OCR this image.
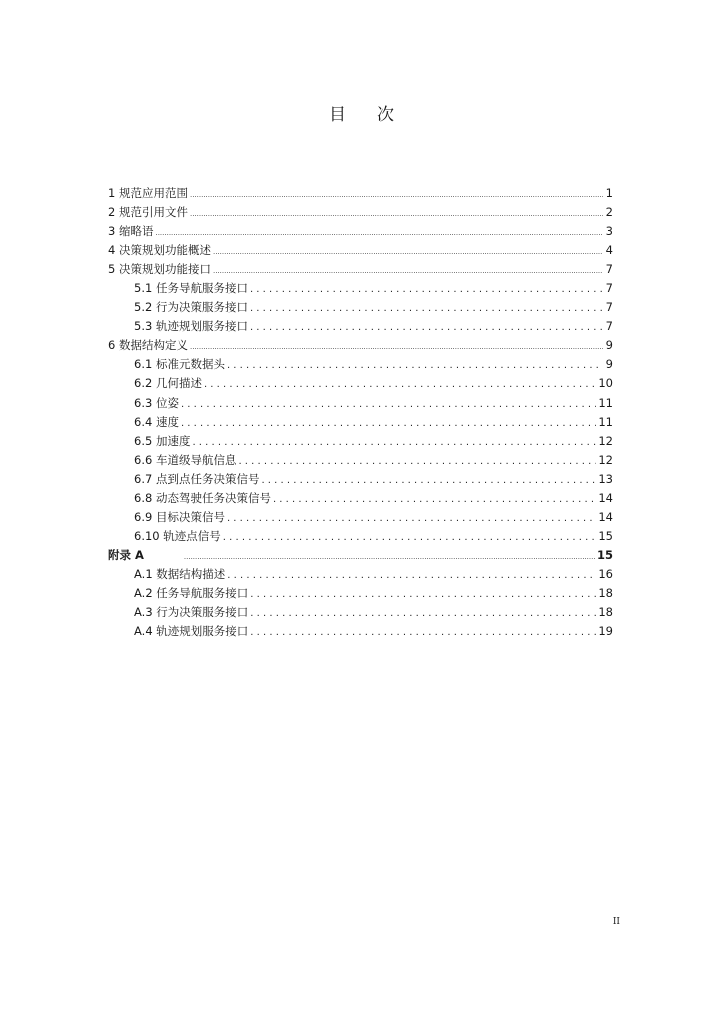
目 次
1 规范应用范围 .....	1
2 规范引用文件 .....	2
3 缩略语 .....	3
4 决策规划功能概述 .....	4
5 决策规划功能接口 .....	7
5.1 任务导航服务接口 . . .	7
5.2 行为决策服务接口 . . .	7
5.3 轨迹规划服务接口 . . .	7
6 数据结构定义 .....	9
6.1 标准元数据头 . . .	9
6.2 几何描述 . . .	10
6.3 位姿 . . .	11
6.4 速度 . . .	11
6.5 加速度 . . .	12
6.6 车道级导航信息 . . .	12
6.7 点到点任务决策信号 . . .	13
6.8 动态驾驶任务决策信号 . . .	14
6.9 目标决策信号 . . .	14
6.10 轨迹点信号 . . .	15
附录 A .....	15
A.1 数据结构描述 . . .	16
A.2 任务导航服务接口 . . .	18
A.3 行为决策服务接口 . . .	18
A.4 轨迹规划服务接口 . . .	19
II
